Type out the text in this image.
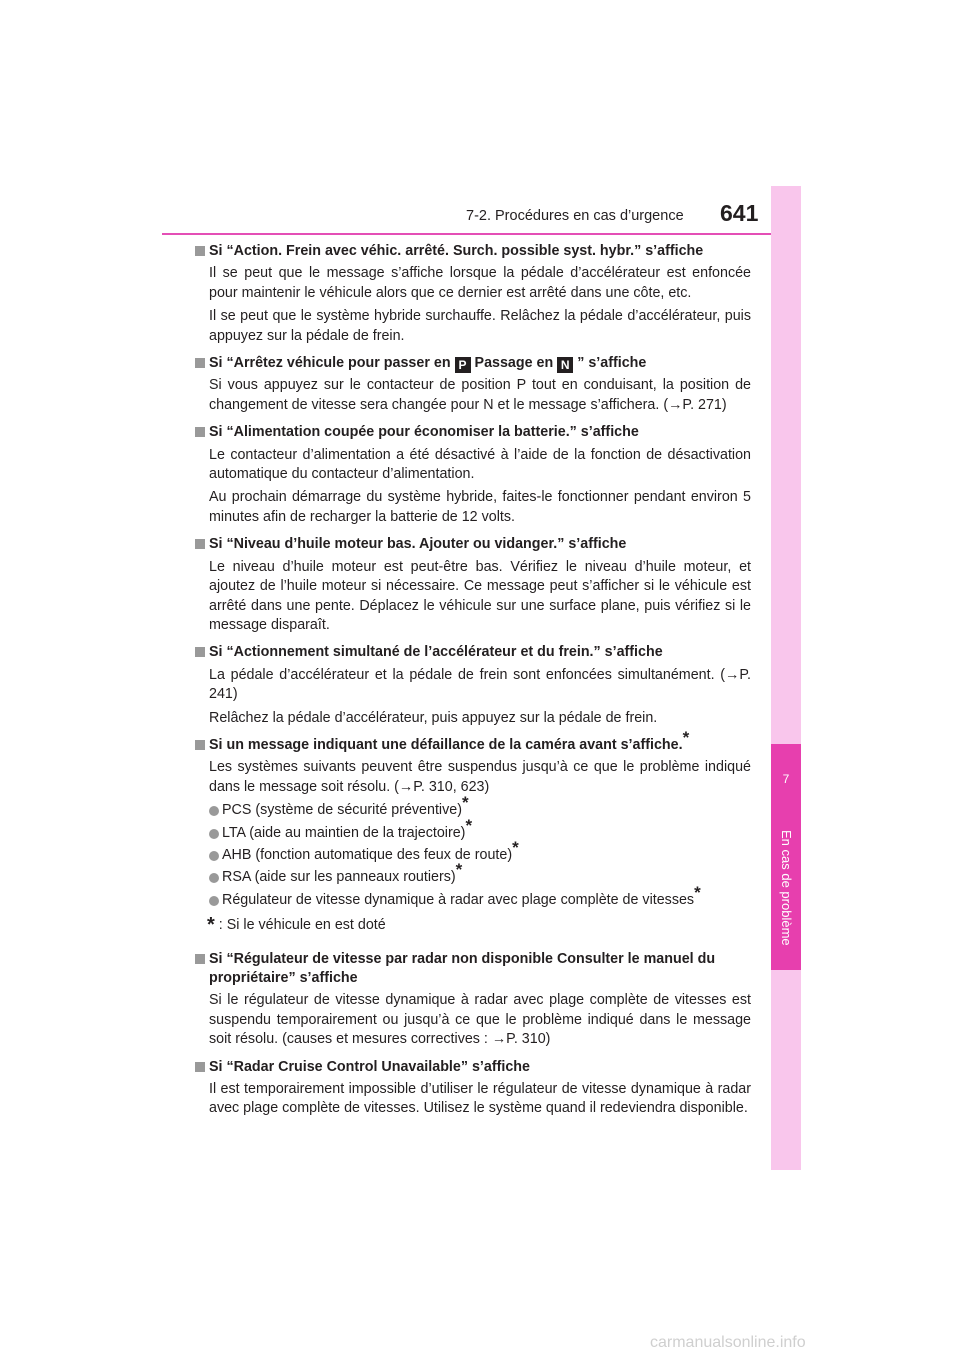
7-2. Procédures en cas d’urgence 641
7
En cas de problème
Si “Action. Frein avec véhic. arrêté. Surch. possible syst. hybr.” s’affiche
Il se peut que le message s’affiche lorsque la pédale d’accélérateur est enfoncée pour maintenir le véhicule alors que ce dernier est arrêté dans une côte, etc.
Il se peut que le système hybride surchauffe. Relâchez la pédale d’accélérateur, puis appuyez sur la pédale de frein.
Si “Arrêtez véhicule pour passer en P Passage en N ” s’affiche
Si vous appuyez sur le contacteur de position P tout en conduisant, la position de changement de vitesse sera changée pour N et le message s’affichera. (→P. 271)
Si “Alimentation coupée pour économiser la batterie.” s’affiche
Le contacteur d’alimentation a été désactivé à l’aide de la fonction de désactivation automatique du contacteur d’alimentation.
Au prochain démarrage du système hybride, faites-le fonctionner pendant environ 5 minutes afin de recharger la batterie de 12 volts.
Si “Niveau d’huile moteur bas. Ajouter ou vidanger.” s’affiche
Le niveau d’huile moteur est peut-être bas. Vérifiez le niveau d’huile moteur, et ajoutez de l’huile moteur si nécessaire. Ce message peut s’afficher si le véhicule est arrêté dans une pente. Déplacez le véhicule sur une surface plane, puis vérifiez si le message disparaît.
Si “Actionnement simultané de l’accélérateur et du frein.” s’affiche
La pédale d’accélérateur et la pédale de frein sont enfoncées simultanément. (→P. 241)
Relâchez la pédale d’accélérateur, puis appuyez sur la pédale de frein.
Si un message indiquant une défaillance de la caméra avant s’affiche.*
Les systèmes suivants peuvent être suspendus jusqu’à ce que le problème indiqué dans le message soit résolu. (→P. 310, 623)
PCS (système de sécurité préventive)*
LTA (aide au maintien de la trajectoire)*
AHB (fonction automatique des feux de route)*
RSA (aide sur les panneaux routiers)*
Régulateur de vitesse dynamique à radar avec plage complète de vitesses*
* : Si le véhicule en est doté
Si “Régulateur de vitesse par radar non disponible Consulter le manuel du propriétaire” s’affiche
Si le régulateur de vitesse dynamique à radar avec plage complète de vitesses est suspendu temporairement ou jusqu’à ce que le problème indiqué dans le message soit résolu. (causes et mesures correctives : →P. 310)
Si “Radar Cruise Control Unavailable” s’affiche
Il est temporairement impossible d’utiliser le régulateur de vitesse dynamique à radar avec plage complète de vitesses. Utilisez le système quand il redeviendra disponible.
carmanualsonline.info
